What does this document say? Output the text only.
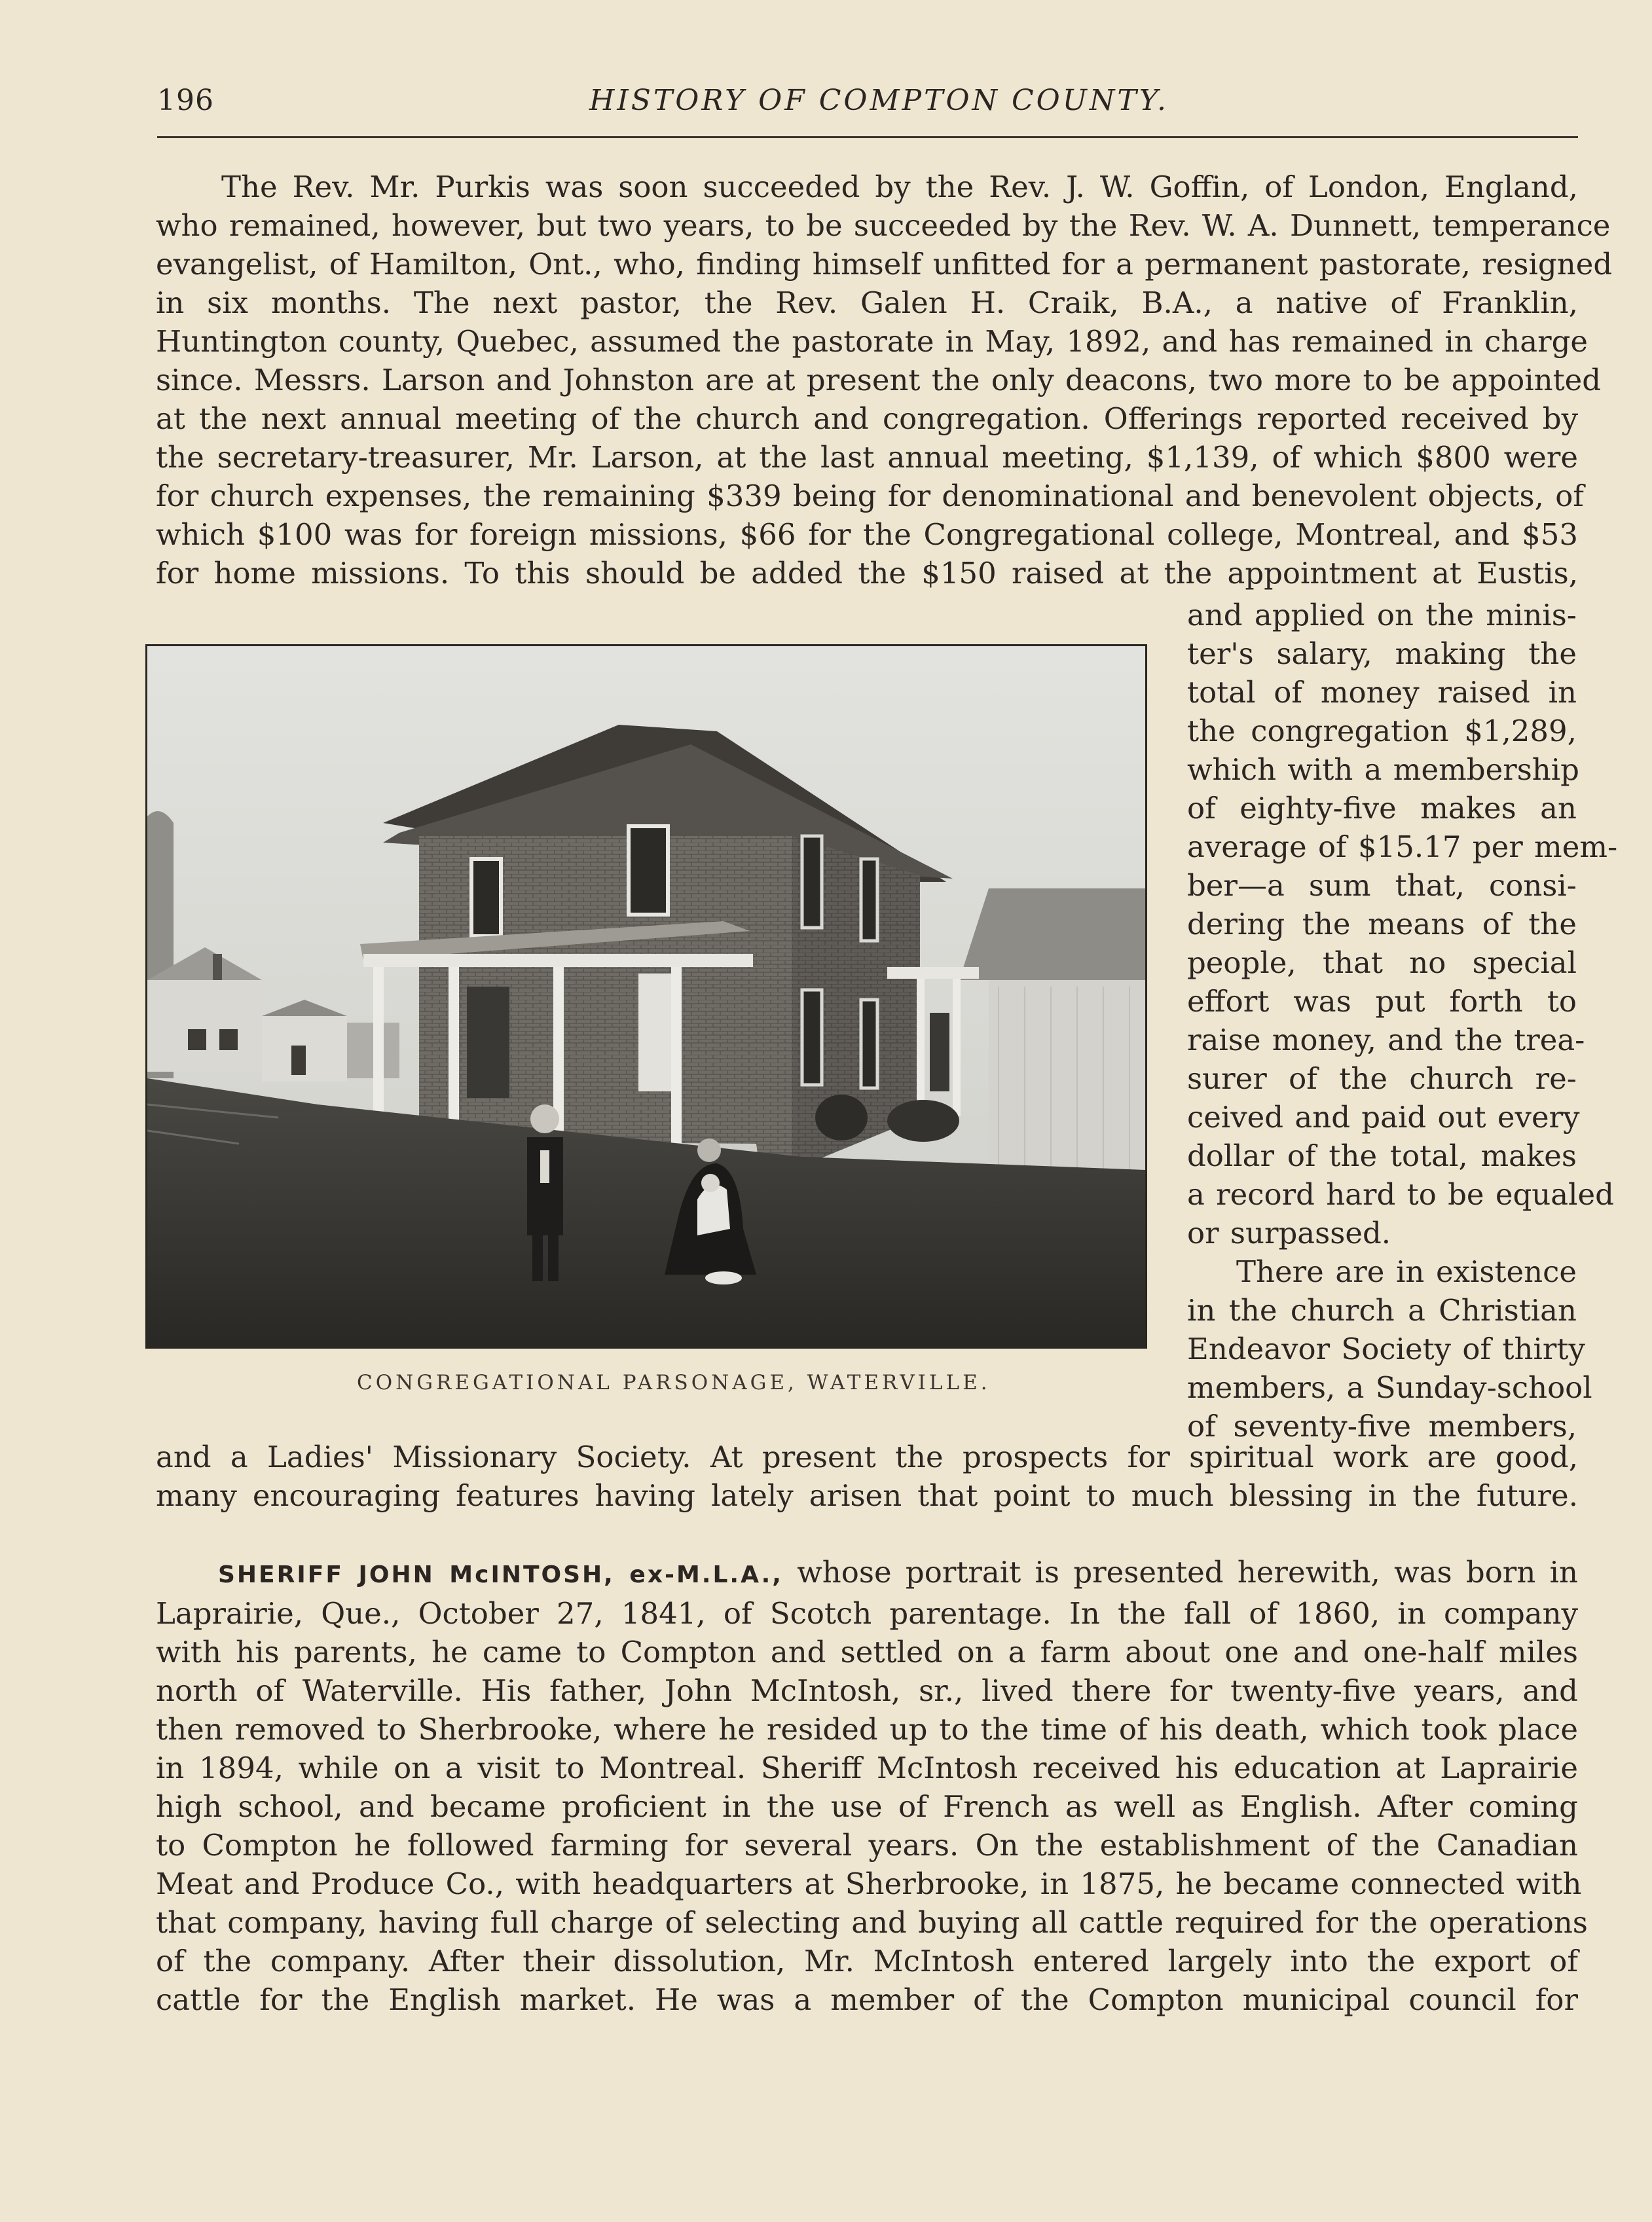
196	HISTORY OF COMPTON COUNTY.
The Rev. Mr. Purkis was soon succeeded by the Rev. J. W. Goffin, of London, England,
who remained, however, but two years, to be succeeded by the Rev. W. A. Dunnett, temperance
evangelist, of Hamilton, Ont., who, finding himself unfitted for a permanent pastorate, resigned
in six months. The next pastor, the Rev. Galen H. Craik, B.A., a native of Franklin,
Huntington county, Quebec, assumed the pastorate in May, 1892, and has remained in charge
since. Messrs. Larson and Johnston are at present the only deacons, two more to be appointed
at the next annual meeting of the church and congregation. Offerings reported received by
the secretary-treasurer, Mr. Larson, at the last annual meeting, $1,139, of which $800 were
for church expenses, the remaining $339 being for denominational and benevolent objects, of
which $100 was for foreign missions, $66 for the Congregational college, Montreal, and $53
for home missions. To this should be added the $150 raised at the appointment at Eustis,
CONGREGATIONAL PARSONAGE, WATERVILLE.
and applied on the minis-
ter's salary, making the
total of money raised in
the congregation $1,289,
which with a membership
of eighty-five makes an
average of $15.17 per mem-
ber—a sum that, consi-
dering the means of the
people, that no special
effort was put forth to
raise money, and the trea-
surer of the church re-
ceived and paid out every
dollar of the total, makes
a record hard to be equaled
or surpassed.
There are in existence
in the church a Christian
Endeavor Society of thirty
members, a Sunday-school
of seventy-five members,
and a Ladies' Missionary Society. At present the prospects for spiritual work are good,
many encouraging features having lately arisen that point to much blessing in the future.
SHERIFF JOHN McINTOSH, ex-M.L.A., whose portrait is presented herewith, was born in
Laprairie, Que., October 27, 1841, of Scotch parentage. In the fall of 1860, in company
with his parents, he came to Compton and settled on a farm about one and one-half miles
north of Waterville. His father, John McIntosh, sr., lived there for twenty-five years, and
then removed to Sherbrooke, where he resided up to the time of his death, which took place
in 1894, while on a visit to Montreal. Sheriff McIntosh received his education at Laprairie
high school, and became proficient in the use of French as well as English. After coming
to Compton he followed farming for several years. On the establishment of the Canadian
Meat and Produce Co., with headquarters at Sherbrooke, in 1875, he became connected with
that company, having full charge of selecting and buying all cattle required for the operations
of the company. After their dissolution, Mr. McIntosh entered largely into the export of
cattle for the English market. He was a member of the Compton municipal council for
